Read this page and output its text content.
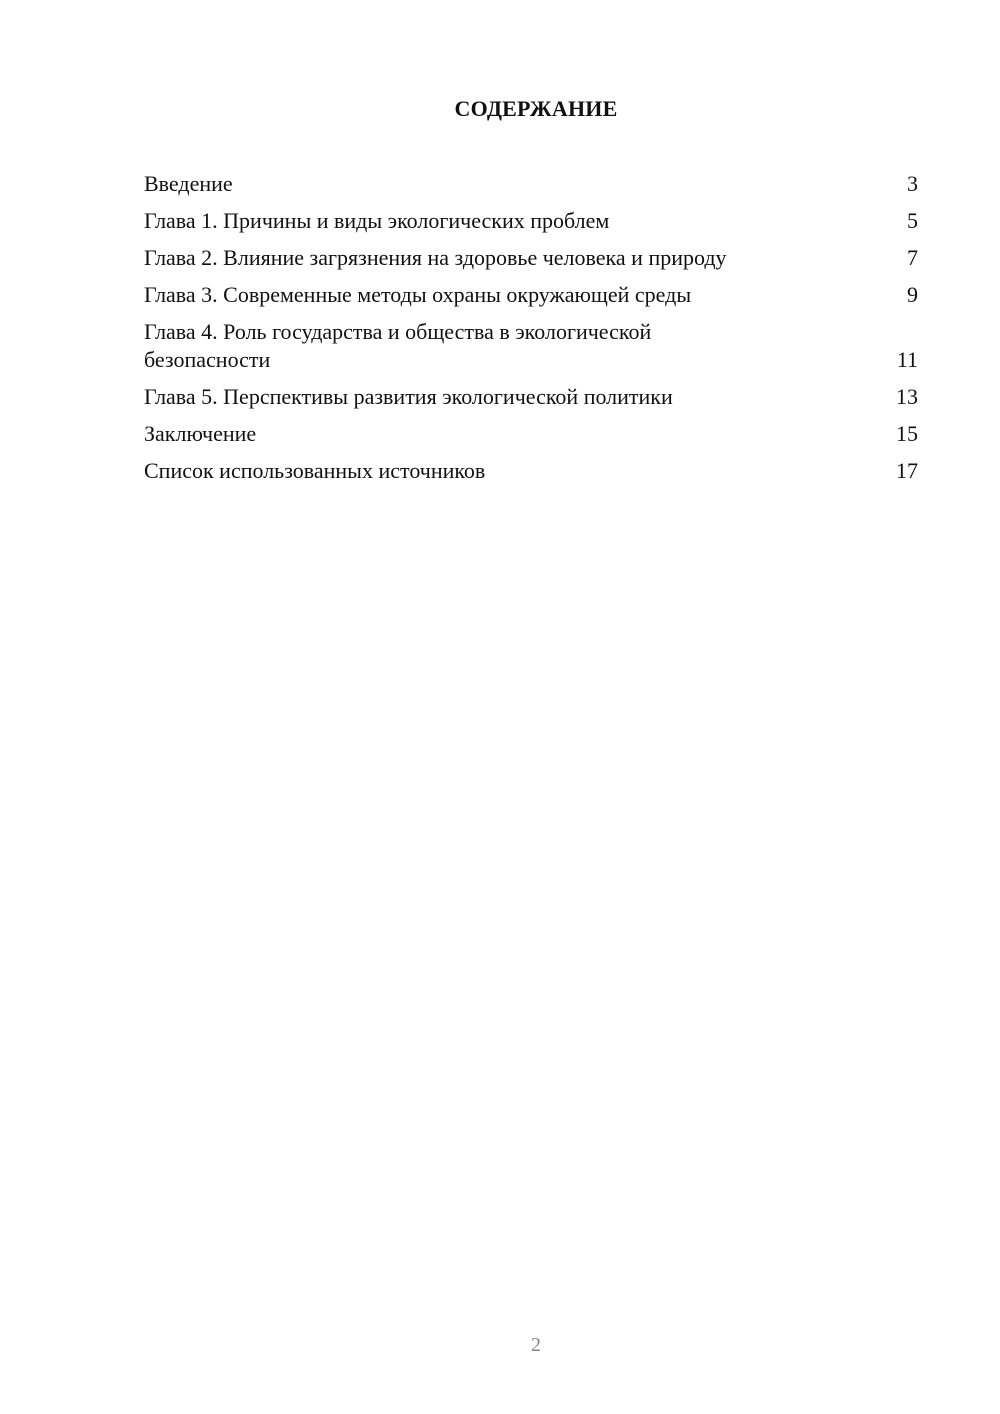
СОДЕРЖАНИЕ
Введение	3
Глава 1. Причины и виды экологических проблем	5
Глава 2. Влияние загрязнения на здоровье человека и природу	7
Глава 3. Современные методы охраны окружающей среды	9
Глава 4. Роль государства и общества в экологической безопасности	11
Глава 5. Перспективы развития экологической политики	13
Заключение	15
Список использованных источников	17
2
